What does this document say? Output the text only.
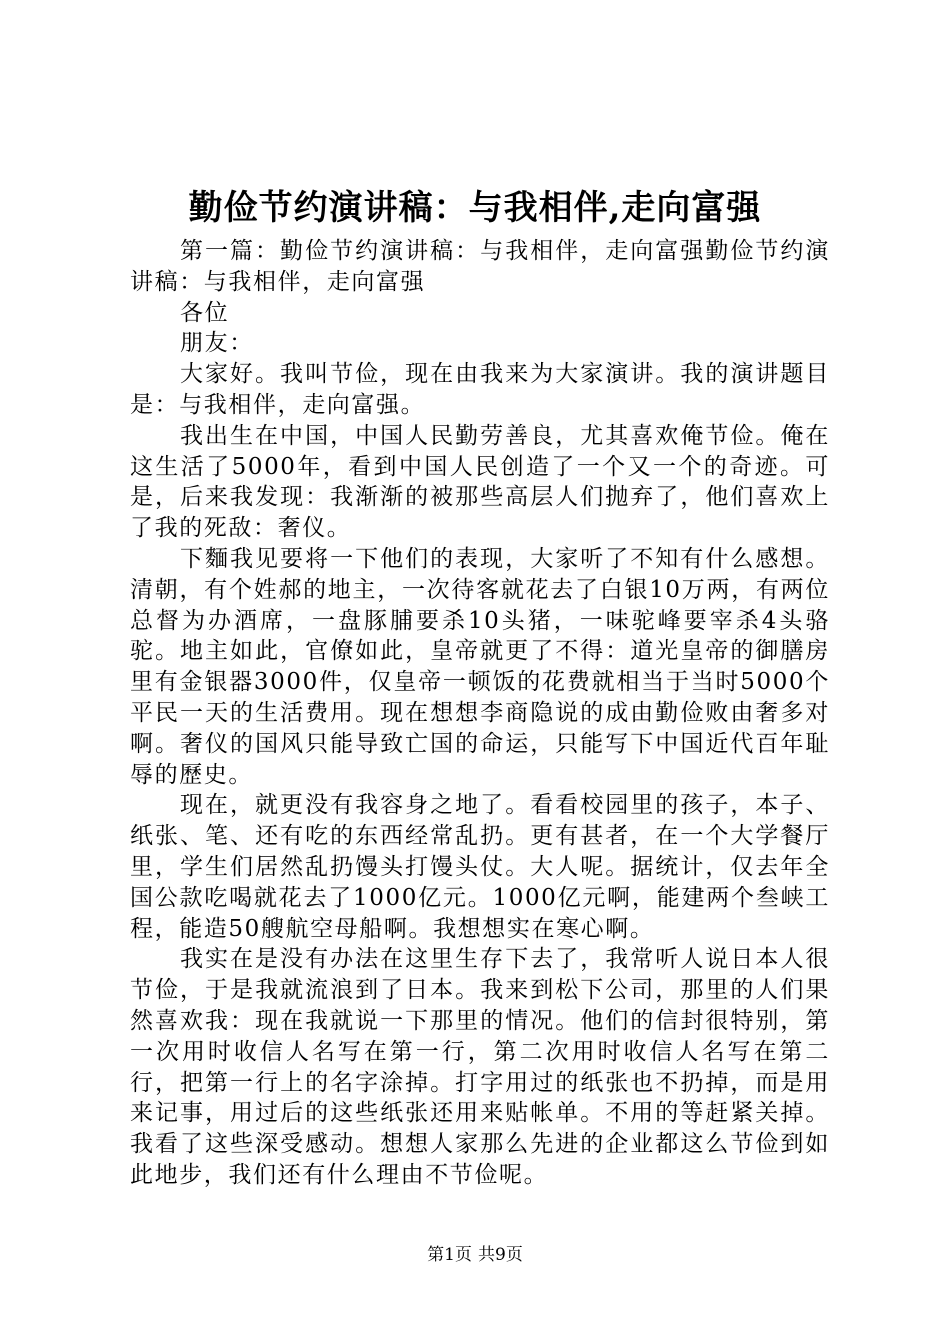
勤俭节约演讲稿：与我相伴,走向富强

第一篇：勤俭节约演讲稿：与我相伴，走向富强勤俭节约演讲稿：与我相伴，走向富强

各位

朋友：

大家好。我叫节俭，现在由我来为大家演讲。我的演讲题目是：与我相伴，走向富强。

我出生在中国，中国人民勤劳善良，尤其喜欢俺节俭。俺在这生活了5000年，看到中国人民创造了一个又一个的奇迹。可是，后来我发现：我渐渐的被那些高层人们抛弃了，他们喜欢上了我的死敌：奢仪。

下麵我见要将一下他们的表现，大家听了不知有什么感想。清朝，有个姓郝的地主，一次待客就花去了白银10万两，有两位总督为办酒席，一盘豚脯要杀10头猪，一味驼峰要宰杀4头骆驼。地主如此，官僚如此，皇帝就更了不得：道光皇帝的御膳房里有金银器3000件，仅皇帝一顿饭的花费就相当于当时5000个平民一天的生活费用。现在想想李商隐说的成由勤俭败由奢多对啊。奢仪的国风只能导致亡国的命运，只能写下中国近代百年耻辱的歷史。

现在，就更没有我容身之地了。看看校园里的孩子，本子、纸张、笔、还有吃的东西经常乱扔。更有甚者，在一个大学餐厅里，学生们居然乱扔馒头打馒头仗。大人呢。据统计，仅去年全国公款吃喝就花去了1000亿元。1000亿元啊，能建两个叁峡工程，能造50艘航空母船啊。我想想实在寒心啊。

我实在是没有办法在这里生存下去了，我常听人说日本人很节俭，于是我就流浪到了日本。我来到松下公司，那里的人们果然喜欢我：现在我就说一下那里的情况。他们的信封很特别，第一次用时收信人名写在第一行，第二次用时收信人名写在第二行，把第一行上的名字涂掉。打字用过的纸张也不扔掉，而是用来记事，用过后的这些纸张还用来贴帐单。不用的等赶紧关掉。我看了这些深受感动。想想人家那么先进的企业都这么节俭到如此地步，我们还有什么理由不节俭呢。

第1页 共9页
